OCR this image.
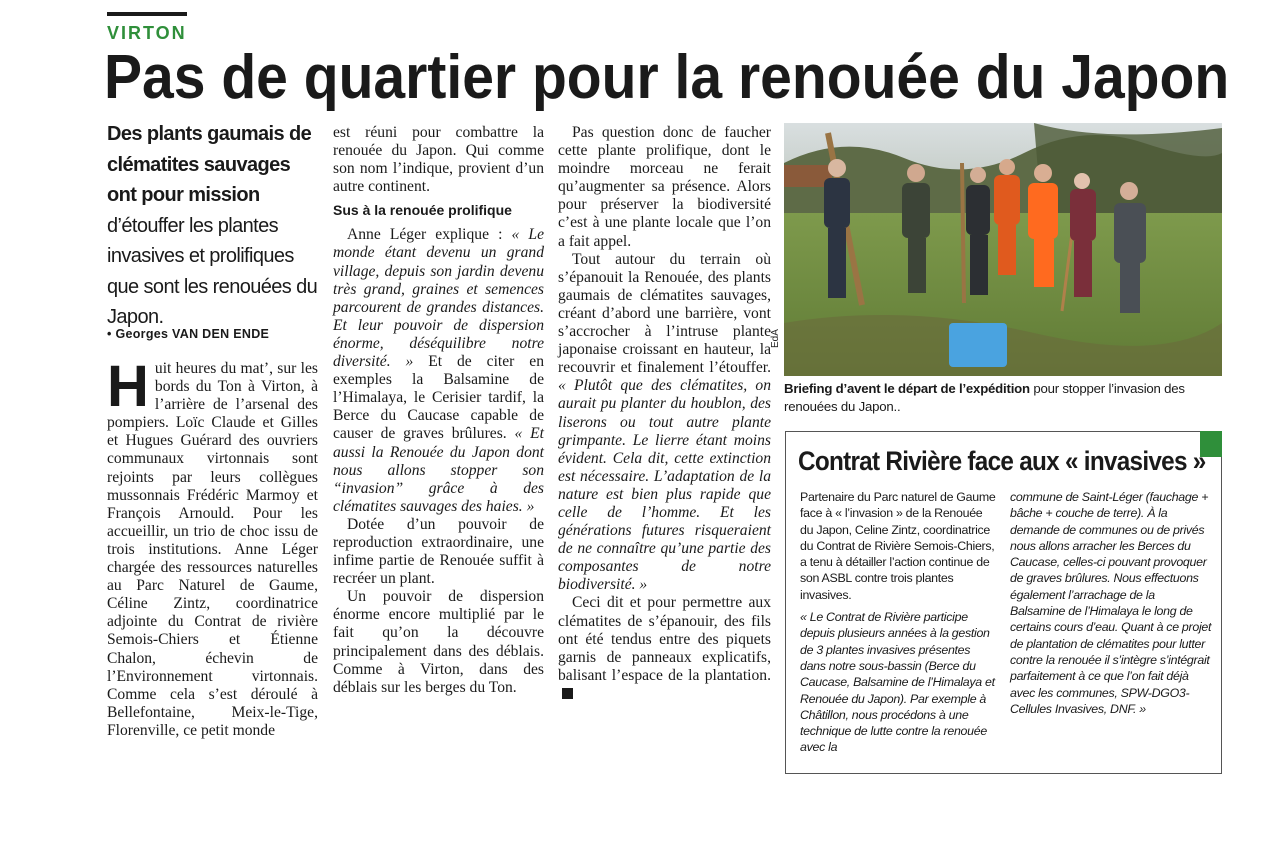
VIRTON
Pas de quartier pour la renouée du Japon
Des plants gaumais de clématites sauvages ont pour mission d’étouffer les plantes invasives et prolifiques que sont les renouées du Japon.
• Georges VAN DEN ENDE
H uit heures du mat’, sur les bords du Ton à Virton, à l’arrière de l’arsenal des pompiers. Loïc Claude et Gilles et Hugues Guérard des ouvriers communaux virtonnais sont rejoints par leurs collègues mussonnais Frédéric Marmoy et François Arnould. Pour les accueillir, un trio de choc issu de trois institutions. Anne Léger chargée des ressources naturelles au Parc Naturel de Gaume, Céline Zintz, coordinatrice adjointe du Contrat de rivière Semois-Chiers et Étienne Chalon, échevin de l’Environnement virtonnais. Comme cela s’est déroulé à Bellefontaine, Meix-le-Tige, Florenville, ce petit monde

est réuni pour combattre la renouée du Japon. Qui comme son nom l’indique, provient d’un autre continent.

Sus à la renouée prolifique

Anne Léger explique : « Le monde étant devenu un grand village, depuis son jardin devenu très grand, graines et semences parcourent de grandes distances. Et leur pouvoir de dispersion énorme, déséquilibre notre diversité. » Et de citer en exemples la Balsamine de l’Himalaya, le Cerisier tardif, la Berce du Caucase capable de causer de graves brûlures. « Et aussi la Renouée du Japon dont nous allons stopper son “invasion” grâce à des clématites sauvages des haies. »

Dotée d’un pouvoir de reproduction extraordinaire, une infime partie de Renouée suffit à recréer un plant.

Un pouvoir de dispersion énorme encore multiplié par le fait qu’on la découvre principalement dans des déblais. Comme à Virton, dans des déblais sur les berges du Ton.

Pas question donc de faucher cette plante prolifique, dont le moindre morceau ne ferait qu’augmenter sa présence. Alors pour préserver la biodiversité c’est à une plante locale que l’on a fait appel.

Tout autour du terrain où s’épanouit la Renouée, des plants gaumais de clématites sauvages, créant d’abord une barrière, vont s’accrocher à l’intruse plante japonaise croissant en hauteur, la recouvrir et finalement l’étouffer. « Plutôt que des clématites, on aurait pu planter du houblon, des liserons ou tout autre plante grimpante. Le lierre étant moins évident. Cela dit, cette extinction est nécessaire. L’adaptation de la nature est bien plus rapide que celle de l’homme. Et les générations futures risqueraient de ne connaître qu’une partie des composantes de notre biodiversité. »

Ceci dit et pour permettre aux clématites de s’épanouir, des fils ont été tendus entre des piquets garnis de panneaux explicatifs, balisant l’espace de la plantation.

EdA
Briefing d’avent le départ de l’expédition pour stopper l’invasion des renouées du Japon..
Contrat Rivière face aux « invasives »

Partenaire du Parc naturel de Gaume face à « l’invasion » de la Renouée du Japon, Celine Zintz, coordinatrice du Contrat de Rivière Semois-Chiers, a tenu à détailler l’action continue de son ASBL contre trois plantes invasives.

« Le Contrat de Rivière participe depuis plusieurs années à la gestion de 3 plantes invasives présentes dans notre sous-bassin (Berce du Caucase, Balsamine de l’Himalaya et Renouée du Japon). Par exemple à Châtillon, nous procédons à une technique de lutte contre la renouée avec la

commune de Saint-Léger (fauchage + bâche + couche de terre). À la demande de communes ou de privés nous allons arracher les Berces du Caucase, celles-ci pouvant provoquer de graves brûlures. Nous effectuons également l’arrachage de la Balsamine de l’Himalaya le long de certains cours d’eau. Quant à ce projet de plantation de clématites pour lutter contre la renouée il s’intègre s’intégrait parfaitement à ce que l’on fait déjà avec les communes, SPW-DGO3-Cellules Invasives, DNF. »
